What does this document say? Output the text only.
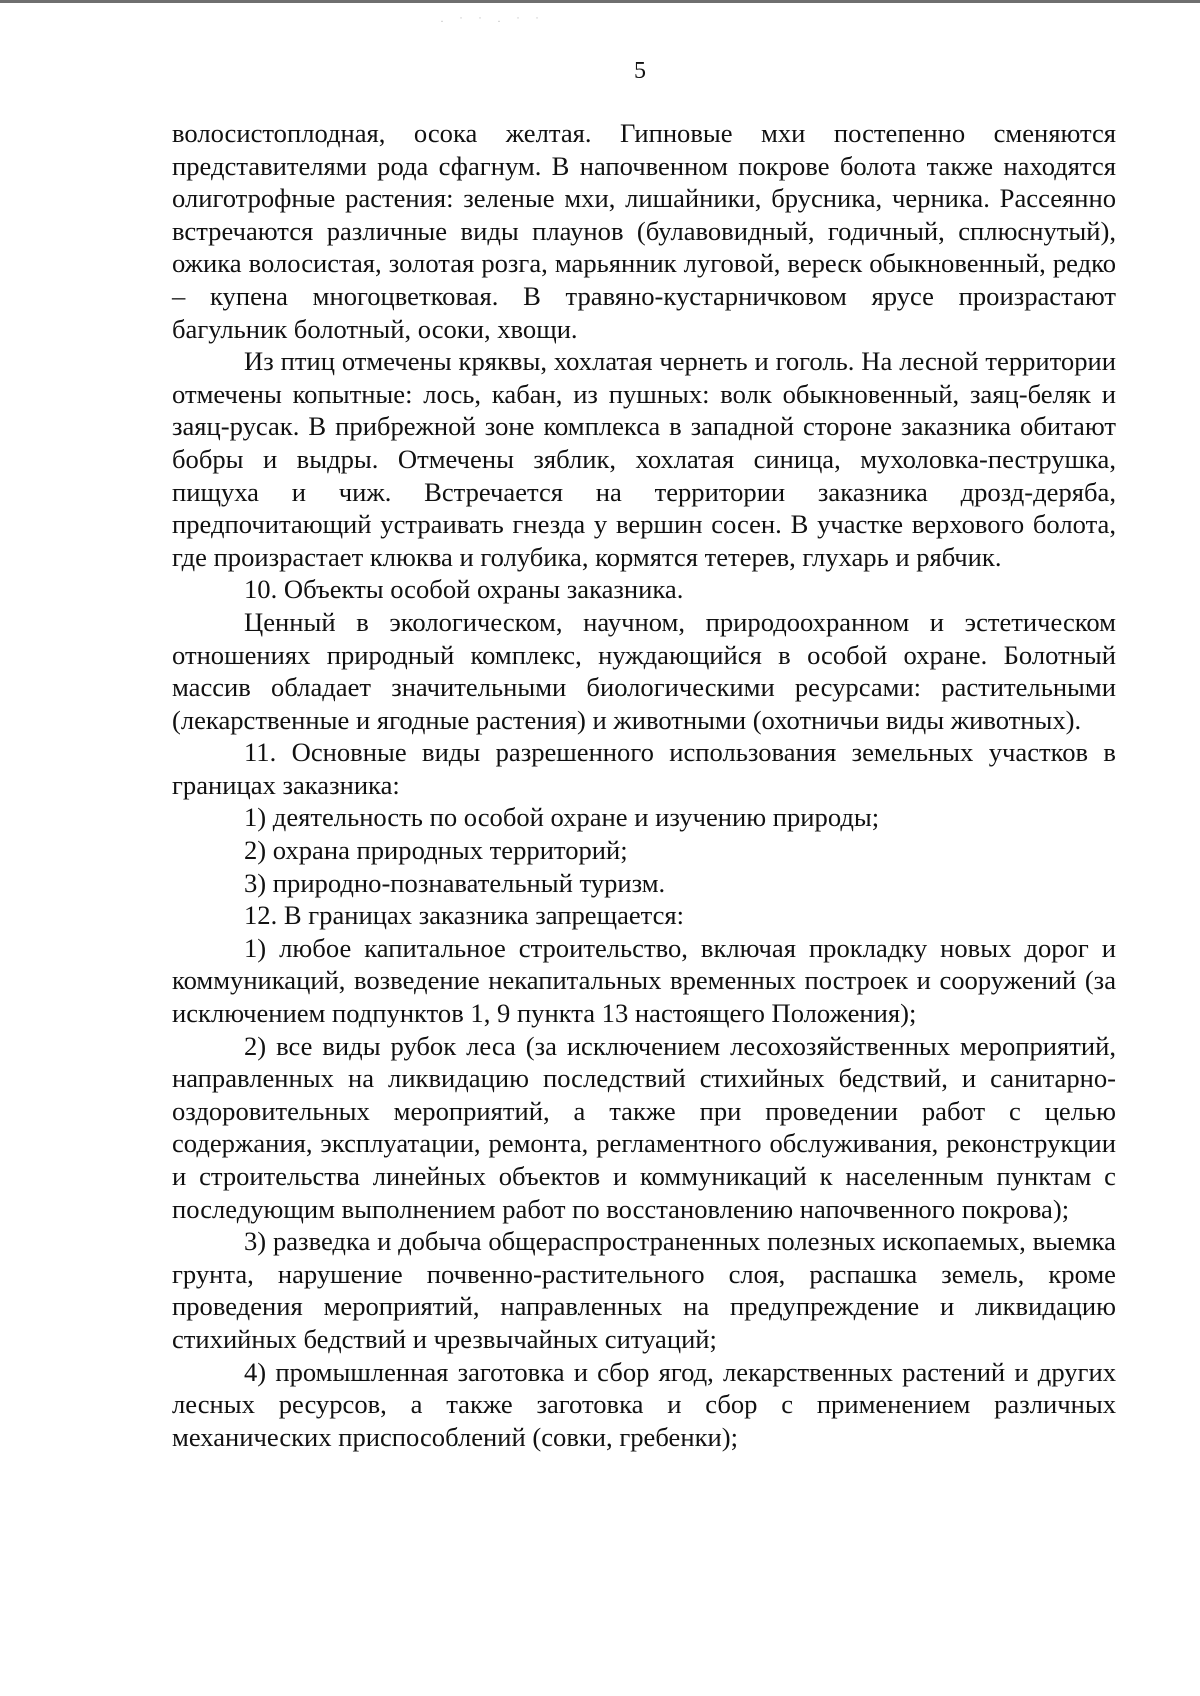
· ˙ ˙ · ˙ ˙
5

волосистоплодная, осока желтая. Гипновые мхи постепенно сменяются представителями рода сфагнум. В напочвенном покрове болота также находятся олиготрофные растения: зеленые мхи, лишайники, брусника, черника. Рассеянно встречаются различные виды плаунов (булавовидный, годичный, сплюснутый), ожика волосистая, золотая розга, марьянник луговой, вереск обыкновенный, редко – купена многоцветковая. В травяно-кустарничковом ярусе произрастают багульник болотный, осоки, хвощи.

Из птиц отмечены кряквы, хохлатая чернеть и гоголь. На лесной территории отмечены копытные: лось, кабан, из пушных: волк обыкновенный, заяц-беляк и заяц-русак. В прибрежной зоне комплекса в западной стороне заказника обитают бобры и выдры. Отмечены зяблик, хохлатая синица, мухоловка-пеструшка, пищуха и чиж. Встречается на территории заказника дрозд-деряба, предпочитающий устраивать гнезда у вершин сосен. В участке верхового болота, где произрастает клюква и голубика, кормятся тетерев, глухарь и рябчик.

10. Объекты особой охраны заказника.

Ценный в экологическом, научном, природоохранном и эстетическом отношениях природный комплекс, нуждающийся в особой охране. Болотный массив обладает значительными биологическими ресурсами: растительными (лекарственные и ягодные растения) и животными (охотничьи виды животных).

11. Основные виды разрешенного использования земельных участков в границах заказника:

1) деятельность по особой охране и изучению природы;

2) охрана природных территорий;

3) природно-познавательный туризм.

12. В границах заказника запрещается:

1) любое капитальное строительство, включая прокладку новых дорог и коммуникаций, возведение некапитальных временных построек и сооружений (за исключением подпунктов 1, 9 пункта 13 настоящего Положения);

2) все виды рубок леса (за исключением лесохозяйственных мероприятий, направленных на ликвидацию последствий стихийных бедствий, и санитарно-оздоровительных мероприятий, а также при проведении работ с целью содержания, эксплуатации, ремонта, регламентного обслуживания, реконструкции и строительства линейных объектов и коммуникаций к населенным пунктам с последующим выполнением работ по восстановлению напочвенного покрова);

3) разведка и добыча общераспространенных полезных ископаемых, выемка грунта, нарушение почвенно-растительного слоя, распашка земель, кроме проведения мероприятий, направленных на предупреждение и ликвидацию стихийных бедствий и чрезвычайных ситуаций;

4) промышленная заготовка и сбор ягод, лекарственных растений и других лесных ресурсов, а также заготовка и сбор с применением различных механических приспособлений (совки, гребенки);
